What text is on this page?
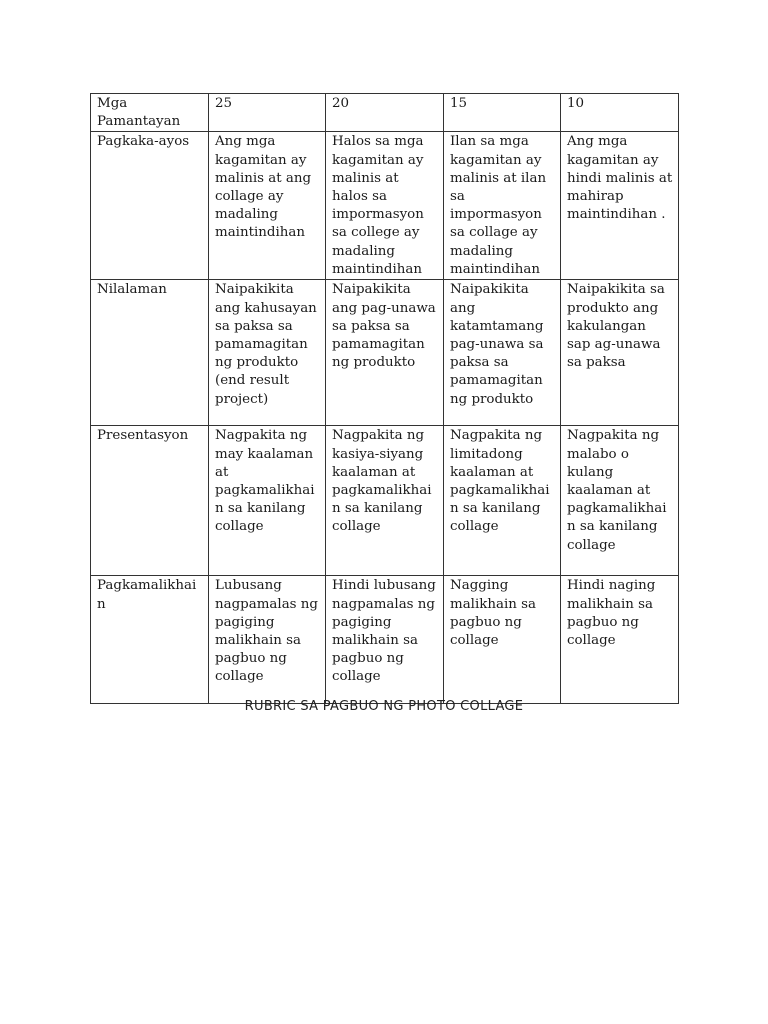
Mga Pamantayan	25	20	15	10
Pagkaka-ayos	Ang mga kagamitan ay malinis at ang collage ay madaling maintindihan	Halos sa mga kagamitan ay malinis at halos sa impormasyon sa college ay madaling maintindihan	Ilan sa mga kagamitan ay malinis at ilan sa impormasyon sa collage ay madaling maintindihan	Ang mga kagamitan ay hindi malinis at mahirap maintindihan .
Nilalaman	Naipakikita ang kahusayan sa paksa sa pamamagitan ng produkto (end result project)	Naipakikita ang pag-unawa sa paksa sa pamamagitan ng produkto	Naipakikita ang katamtamang pag-unawa sa paksa sa pamamagitan ng produkto	Naipakikita sa produkto ang kakulangan sap ag-unawa sa paksa
Presentasyon	Nagpakita ng may kaalaman at pagkamalikhain sa kanilang collage	Nagpakita ng kasiya-siyang kaalaman at pagkamalikhain sa kanilang collage	Nagpakita ng limitadong kaalaman at pagkamalikhain sa kanilang collage	Nagpakita ng malabo o kulang kaalaman at pagkamalikhain sa kanilang collage
Pagkamalikhain	Lubusang nagpamalas ng pagiging malikhain sa pagbuo ng collage	Hindi lubusang nagpamalas ng pagiging malikhain sa pagbuo ng collage	Nagging malikhain sa pagbuo ng collage	Hindi naging malikhain sa pagbuo ng collage
RUBRIC SA PAGBUO NG PHOTO COLLAGE
